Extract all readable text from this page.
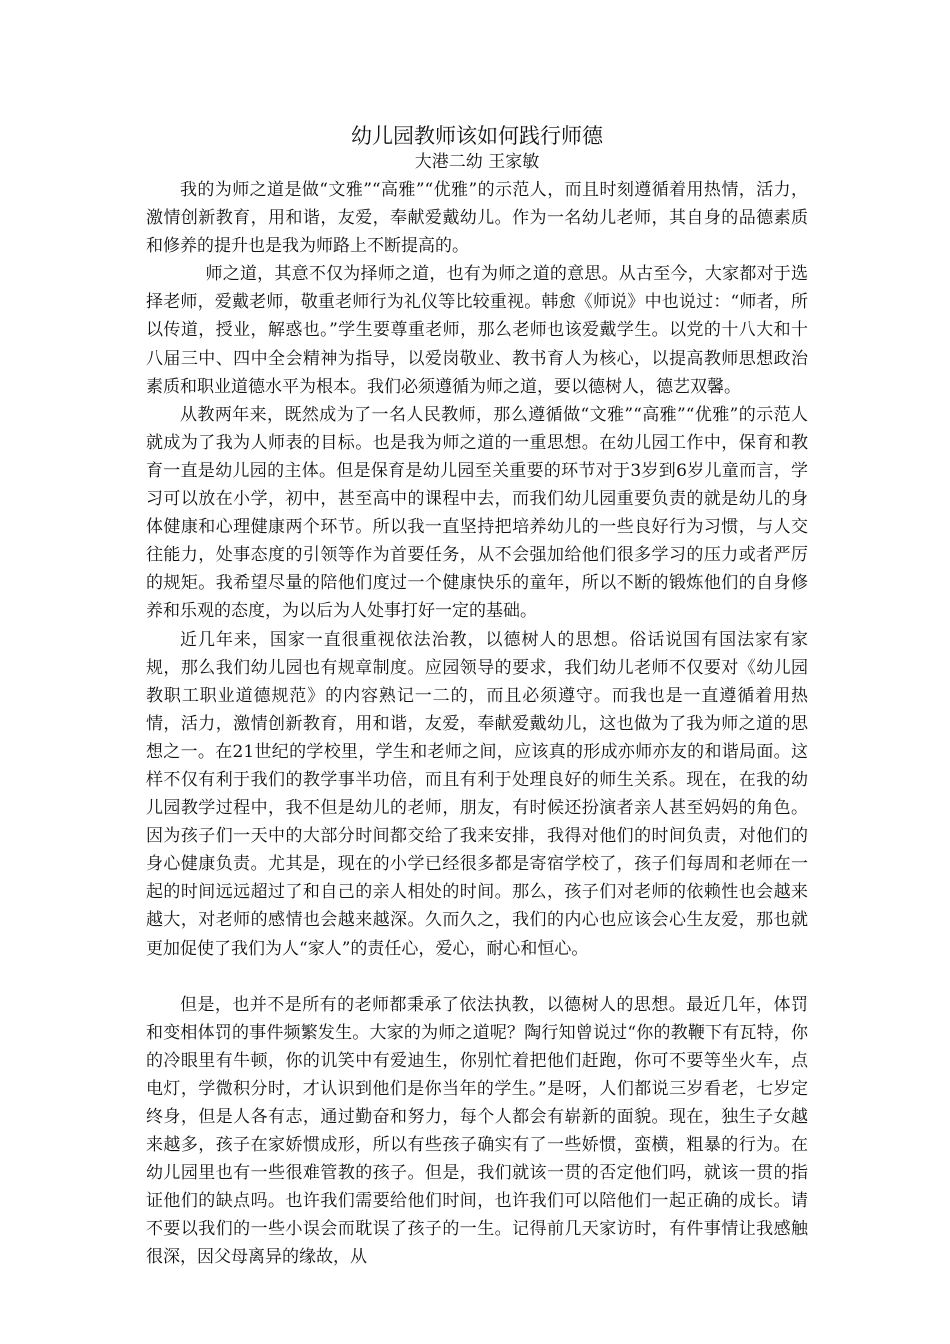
幼儿园教师该如何践行师德

大港二幼 王家敏

我的为师之道是做“文雅”“高雅”“优雅”的示范人，而且时刻遵循着用热情，活力，激情创新教育，用和谐，友爱，奉献爱戴幼儿。作为一名幼儿老师，其自身的品德素质和修养的提升也是我为师路上不断提高的。

师之道，其意不仅为择师之道，也有为师之道的意思。从古至今，大家都对于选择老师，爱戴老师，敬重老师行为礼仪等比较重视。韩愈《师说》中也说过：“师者，所以传道，授业，解惑也。”学生要尊重老师，那么老师也该爱戴学生。以党的十八大和十八届三中、四中全会精神为指导，以爱岗敬业、教书育人为核心，以提高教师思想政治素质和职业道德水平为根本。我们必须遵循为师之道，要以德树人，德艺双馨。

从教两年来，既然成为了一名人民教师，那么遵循做“文雅”“高雅”“优雅”的示范人就成为了我为人师表的目标。也是我为师之道的一重思想。在幼儿园工作中，保育和教育一直是幼儿园的主体。但是保育是幼儿园至关重要的环节对于3岁到6岁儿童而言，学习可以放在小学，初中，甚至高中的课程中去，而我们幼儿园重要负责的就是幼儿的身体健康和心理健康两个环节。所以我一直坚持把培养幼儿的一些良好行为习惯，与人交往能力，处事态度的引领等作为首要任务，从不会强加给他们很多学习的压力或者严厉的规矩。我希望尽量的陪他们度过一个健康快乐的童年，所以不断的锻炼他们的自身修养和乐观的态度，为以后为人处事打好一定的基础。

近几年来，国家一直很重视依法治教，以德树人的思想。俗话说国有国法家有家规，那么我们幼儿园也有规章制度。应园领导的要求，我们幼儿老师不仅要对《幼儿园教职工职业道德规范》的内容熟记一二的，而且必须遵守。而我也是一直遵循着用热情，活力，激情创新教育，用和谐，友爱，奉献爱戴幼儿，这也做为了我为师之道的思想之一。在21世纪的学校里，学生和老师之间，应该真的形成亦师亦友的和谐局面。这样不仅有利于我们的教学事半功倍，而且有利于处理良好的师生关系。现在，在我的幼儿园教学过程中，我不但是幼儿的老师，朋友，有时候还扮演者亲人甚至妈妈的角色。因为孩子们一天中的大部分时间都交给了我来安排，我得对他们的时间负责，对他们的身心健康负责。尤其是，现在的小学已经很多都是寄宿学校了，孩子们每周和老师在一起的时间远远超过了和自己的亲人相处的时间。那么，孩子们对老师的依赖性也会越来越大，对老师的感情也会越来越深。久而久之，我们的内心也应该会心生友爱，那也就更加促使了我们为人“家人”的责任心，爱心，耐心和恒心。

但是，也并不是所有的老师都秉承了依法执教，以德树人的思想。最近几年，体罚和变相体罚的事件频繁发生。大家的为师之道呢？陶行知曾说过“你的教鞭下有瓦特，你的冷眼里有牛顿，你的讥笑中有爱迪生，你别忙着把他们赶跑，你可不要等坐火车，点电灯，学微积分时，才认识到他们是你当年的学生。”是呀，人们都说三岁看老，七岁定终身，但是人各有志，通过勤奋和努力，每个人都会有崭新的面貌。现在，独生子女越来越多，孩子在家娇惯成形，所以有些孩子确实有了一些娇惯，蛮横，粗暴的行为。在幼儿园里也有一些很难管教的孩子。但是，我们就该一贯的否定他们吗，就该一贯的指证他们的缺点吗。也许我们需要给他们时间，也许我们可以陪他们一起正确的成长。请不要以我们的一些小误会而耽误了孩子的一生。记得前几天家访时，有件事情让我感触很深，因父母离异的缘故，从
